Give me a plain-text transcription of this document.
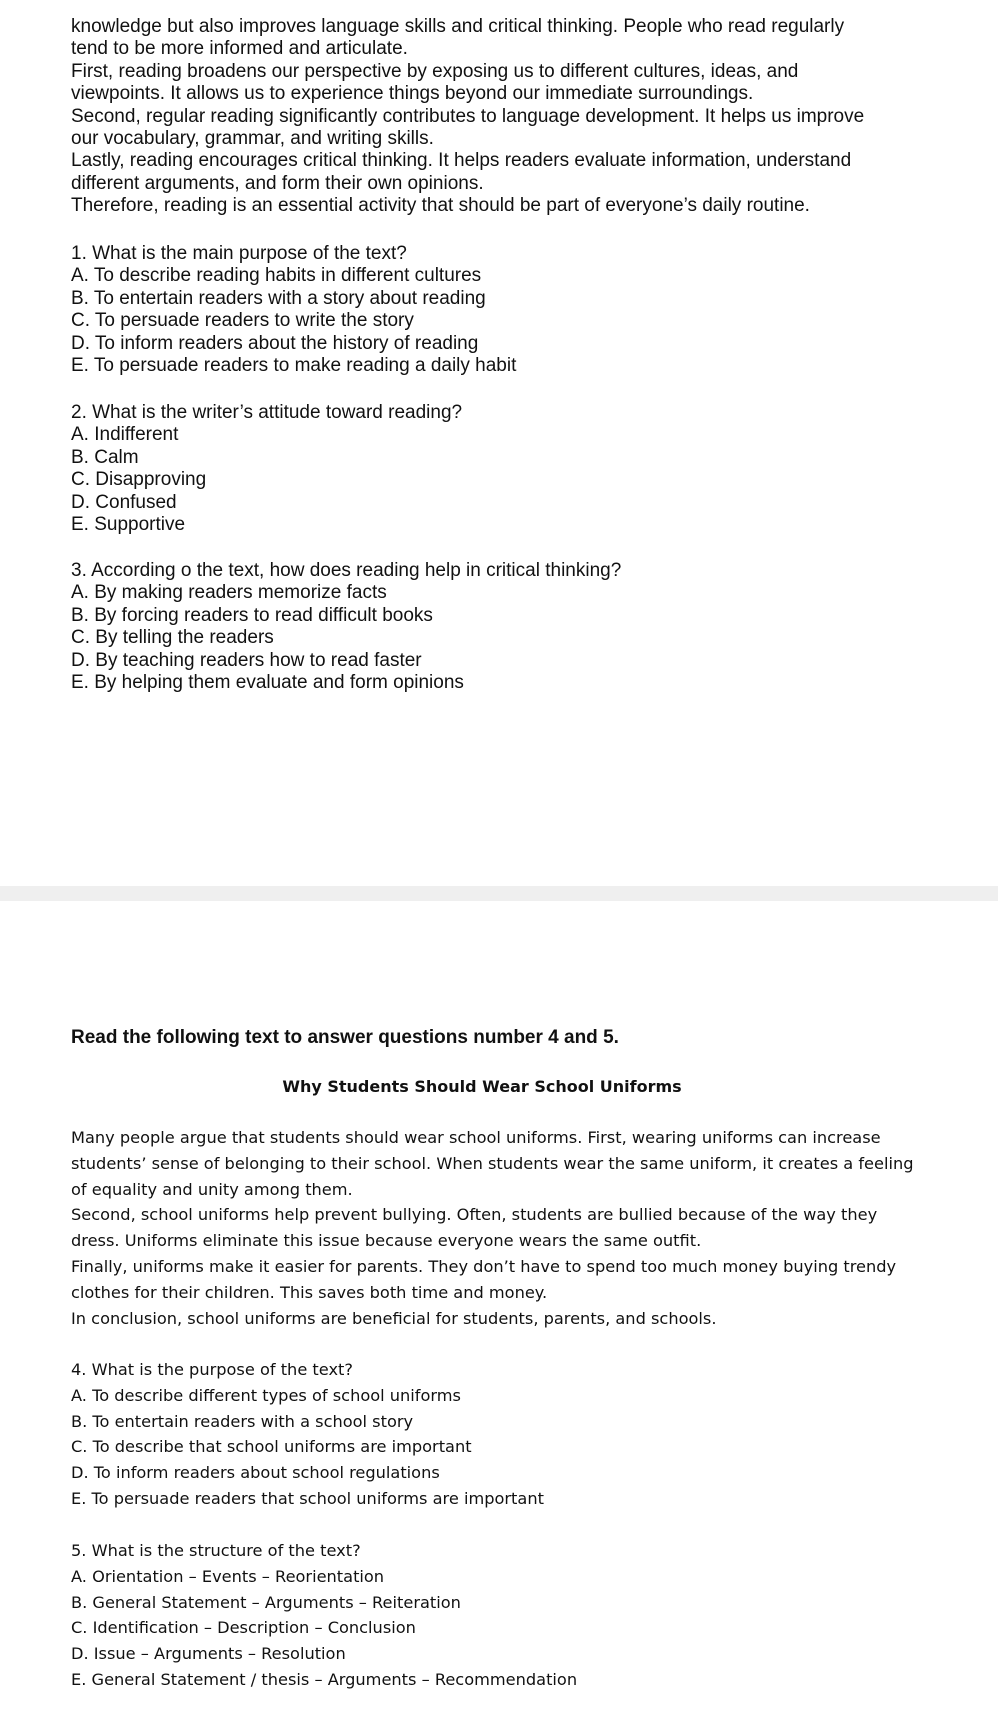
knowledge but also improves language skills and critical thinking. People who read regularly

tend to be more informed and articulate.

First, reading broadens our perspective by exposing us to different cultures, ideas, and

viewpoints. It allows us to experience things beyond our immediate surroundings.

Second, regular reading significantly contributes to language development. It helps us improve

our vocabulary, grammar, and writing skills.

Lastly, reading encourages critical thinking. It helps readers evaluate information, understand

different arguments, and form their own opinions.

Therefore, reading is an essential activity that should be part of everyone’s daily routine.

1. What is the main purpose of the text?
A. To describe reading habits in different cultures
B. To entertain readers with a story about reading
C. To persuade readers to write the story
D. To inform readers about the history of reading
E. To persuade readers to make reading a daily habit
2. What is the writer’s attitude toward reading?
A. Indifferent
B. Calm
C. Disapproving
D. Confused
E. Supportive
3. According o the text, how does reading help in critical thinking?
A. By making readers memorize facts
B. By forcing readers to read difficult books
C. By telling the readers
D. By teaching readers how to read faster
E. By helping them evaluate and form opinions
Read the following text to answer questions number 4 and 5.
Why Students Should Wear School Uniforms

Many people argue that students should wear school uniforms. First, wearing uniforms can increase

students’ sense of belonging to their school. When students wear the same uniform, it creates a feeling

of equality and unity among them.

Second, school uniforms help prevent bullying. Often, students are bullied because of the way they

dress. Uniforms eliminate this issue because everyone wears the same outfit.

Finally, uniforms make it easier for parents. They don’t have to spend too much money buying trendy

clothes for their children. This saves both time and money.

In conclusion, school uniforms are beneficial for students, parents, and schools.

4. What is the purpose of the text?
A. To describe different types of school uniforms
B. To entertain readers with a school story
C. To describe that school uniforms are important
D. To inform readers about school regulations
E. To persuade readers that school uniforms are important
5. What is the structure of the text?
A. Orientation – Events – Reorientation
B. General Statement – Arguments – Reiteration
C. Identification – Description – Conclusion
D. Issue – Arguments – Resolution
E. General Statement / thesis – Arguments – Recommendation
